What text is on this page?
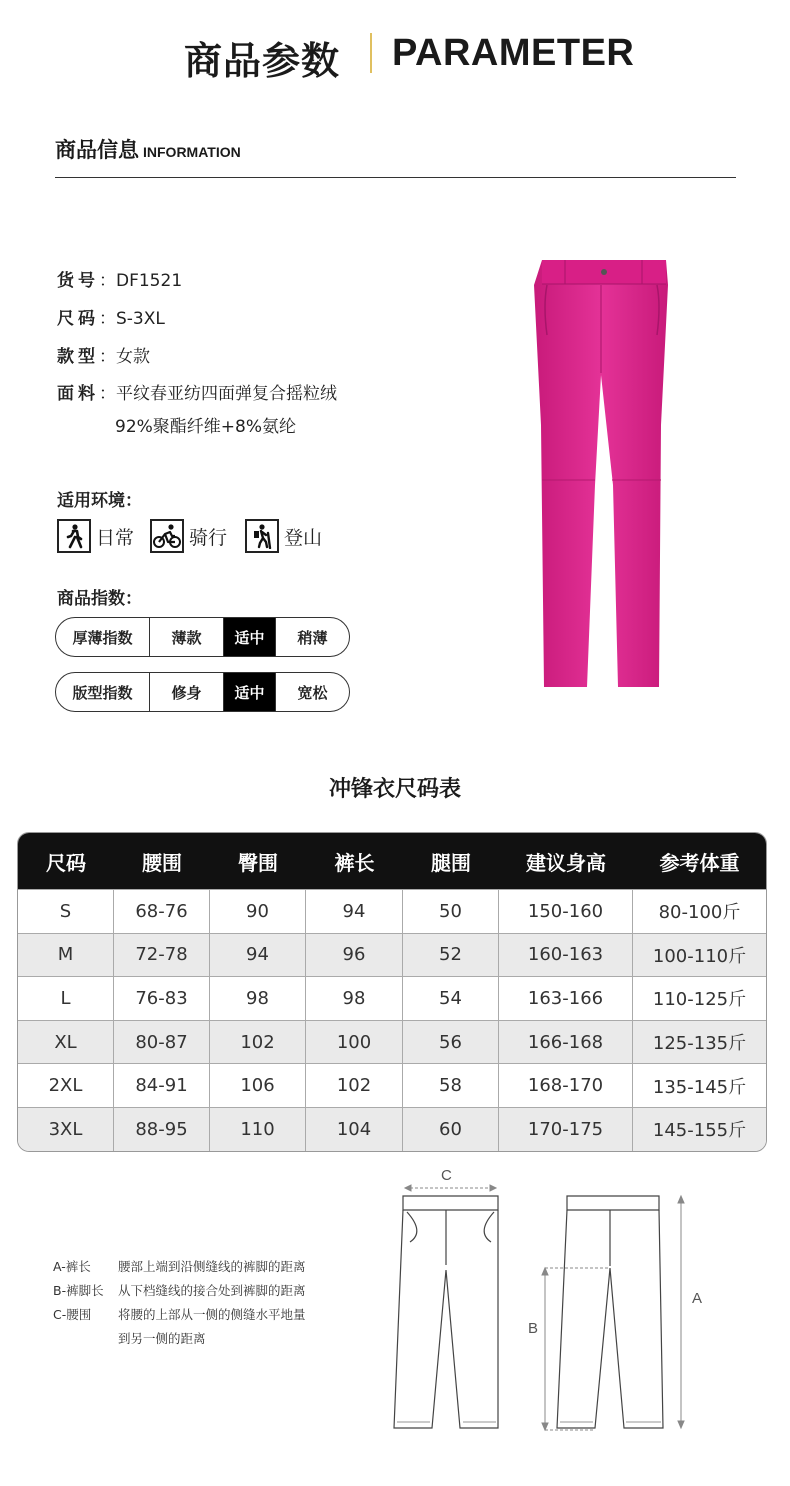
商品参数 PARAMETER
商品信息 INFORMATION
货号：DF1521
尺码：S-3XL
款型：女款
面料：平纹春亚纺四面弹复合摇粒绒
92%聚酯纤维+8%氨纶
适用环境：
日常	骑行	登山
商品指数：
厚薄指数	薄款	适中	稍薄
版型指数	修身	适中	宽松
冲锋衣尺码表
尺码	腰围	臀围	裤长	腿围	建议身高	参考体重
S	68-76	90	94	50	150-160	80-100斤
M	72-78	94	96	52	160-163	100-110斤
L	76-83	98	98	54	163-166	110-125斤
XL	80-87	102	100	56	166-168	125-135斤
2XL	84-91	106	102	58	168-170	135-145斤
3XL	88-95	110	104	60	170-175	145-155斤
A-裤长 腰部上端到沿侧缝线的裤脚的距离
B-裤脚长 从下档缝线的接合处到裤脚的距离
C-腰围 将腰的上部从一侧的侧缝水平地量
到另一侧的距离
C
B
A
